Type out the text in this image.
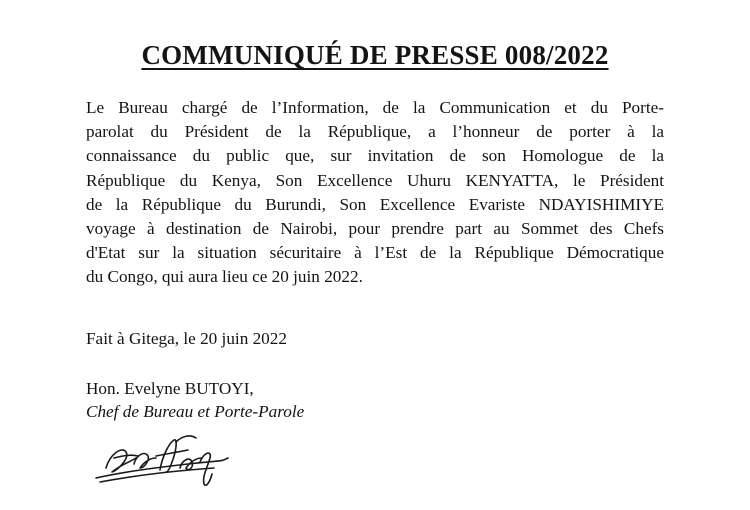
COMMUNIQUÉ DE PRESSE 008/2022
Le Bureau chargé de l’Information, de la Communication et du Porte-
parolat du Président de la République, a l’honneur de porter à la
connaissance du public que, sur invitation de son Homologue de la
République du Kenya, Son Excellence Uhuru KENYATTA, le Président
de la République du Burundi, Son Excellence Evariste NDAYISHIMIYE
voyage à destination de Nairobi, pour prendre part au Sommet des Chefs
d'Etat sur la situation sécuritaire à l’Est de la République Démocratique
du Congo, qui aura lieu ce 20 juin 2022.
Fait à Gitega, le 20 juin 2022
Hon. Evelyne BUTOYI,
Chef de Bureau et Porte-Parole
